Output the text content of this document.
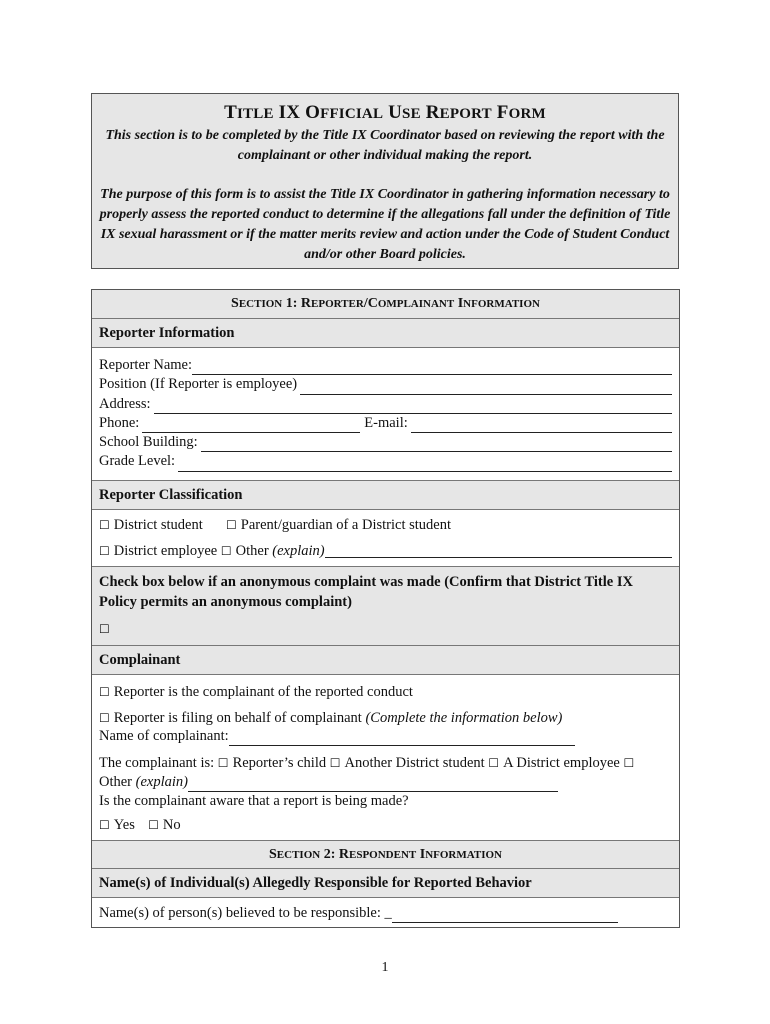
TITLE IX OFFICIAL USE REPORT FORM
This section is to be completed by the Title IX Coordinator based on reviewing the report with the complainant or other individual making the report.
The purpose of this form is to assist the Title IX Coordinator in gathering information necessary to properly assess the reported conduct to determine if the allegations fall under the definition of Title IX sexual harassment or if the matter merits review and action under the Code of Student Conduct and/or other Board policies.
SECTION 1: REPORTER/COMPLAINANT INFORMATION
Reporter Information
Reporter Name:
Position (If Reporter is employee)
Address:
Phone:	E-mail:
School Building:
Grade Level:
Reporter Classification
☐ District student ☐ Parent/guardian of a District student
☐ District employee
☐ Other
(explain)
Check box below if an anonymous complaint was made (Confirm that District Title IX Policy permits an anonymous complaint)
☐
Complainant
☐ Reporter is the complainant of the reported conduct
☐ Reporter is filing on behalf of complainant (Complete the information below)
Name of complainant:
The complainant is: ☐ Reporter’s child ☐ Another District student ☐ A District employee ☐
Other
(explain)
Is the complainant aware that a report is being made?
☐ Yes ☐ No
SECTION 2: RESPONDENT INFORMATION
Name(s) of Individual(s) Allegedly Responsible for Reported Behavior
Name(s) of person(s) believed to be responsible: _
1
